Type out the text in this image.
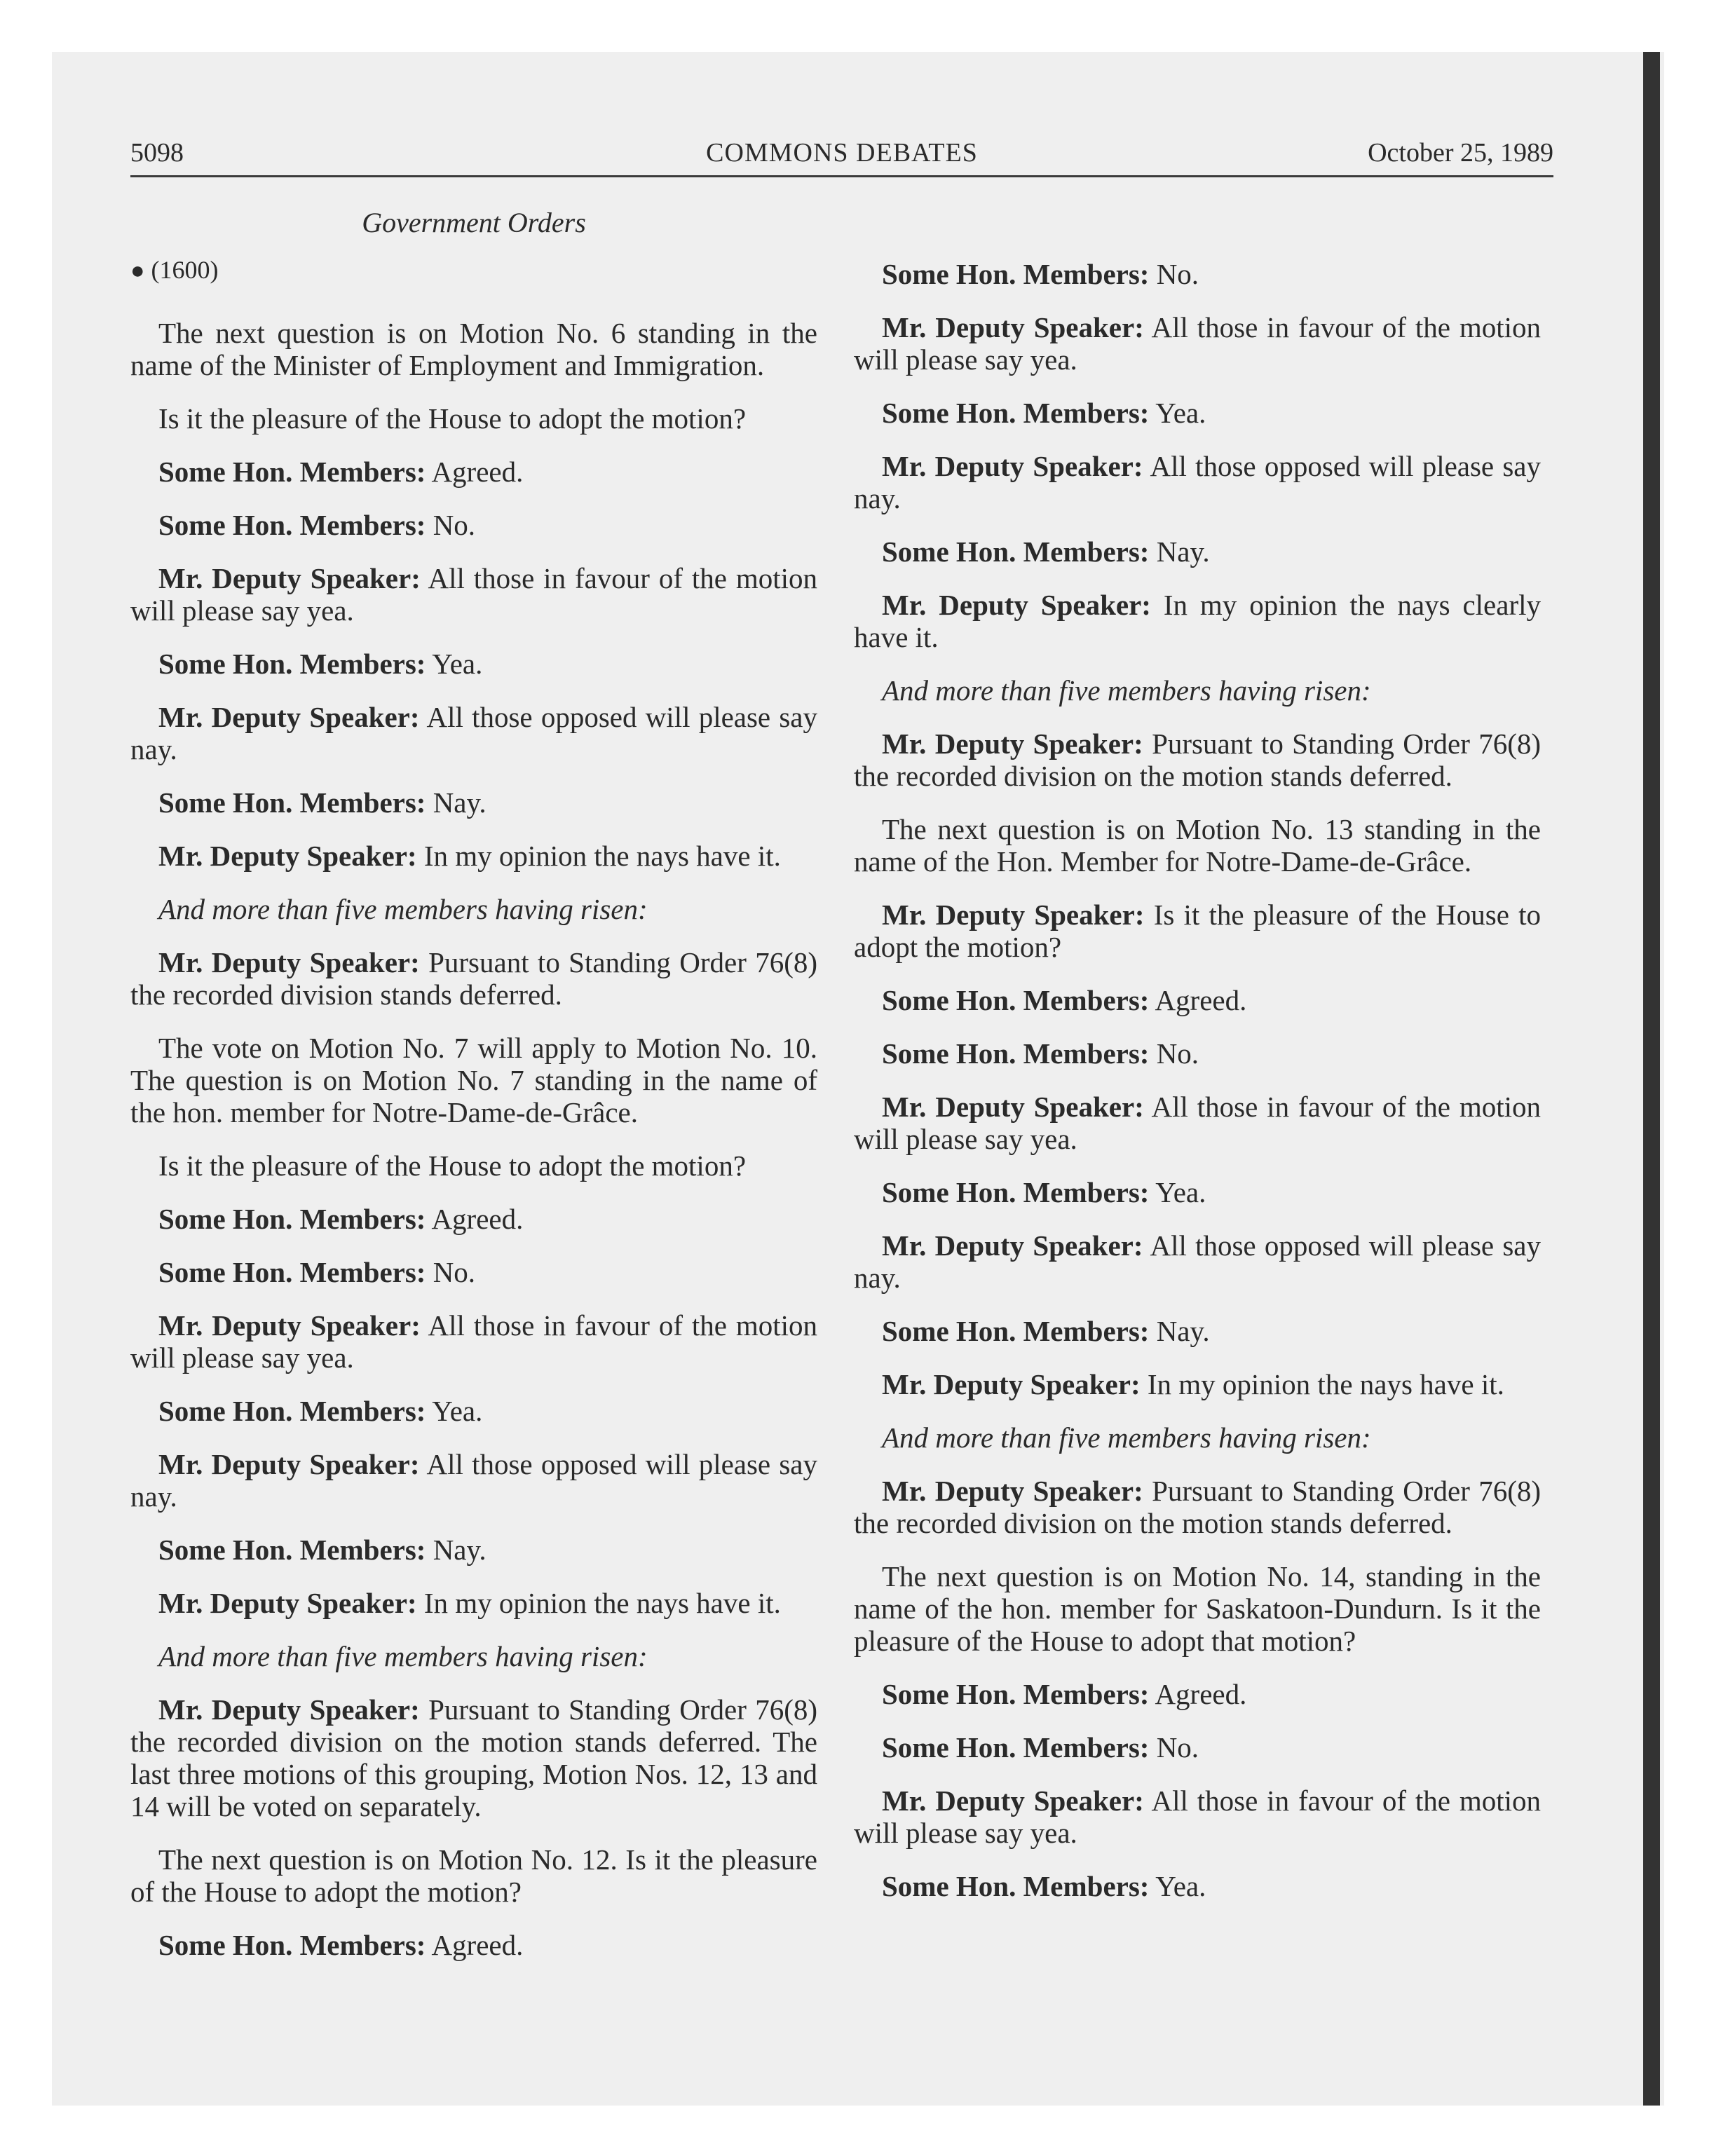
5098	COMMONS DEBATES	October 25, 1989
Government Orders
● (1600)
The next question is on Motion No. 6 standing in the name of the Minister of Employment and Immigration.
Is it the pleasure of the House to adopt the motion?
Some Hon. Members: Agreed.
Some Hon. Members: No.
Mr. Deputy Speaker: All those in favour of the motion will please say yea.
Some Hon. Members: Yea.
Mr. Deputy Speaker: All those opposed will please say nay.
Some Hon. Members: Nay.
Mr. Deputy Speaker: In my opinion the nays have it.
And more than five members having risen:
Mr. Deputy Speaker: Pursuant to Standing Order 76(8) the recorded division stands deferred.
The vote on Motion No. 7 will apply to Motion No. 10. The question is on Motion No. 7 standing in the name of the hon. member for Notre-Dame-de-Grâce.
Is it the pleasure of the House to adopt the motion?
Some Hon. Members: Agreed.
Some Hon. Members: No.
Mr. Deputy Speaker: All those in favour of the motion will please say yea.
Some Hon. Members: Yea.
Mr. Deputy Speaker: All those opposed will please say nay.
Some Hon. Members: Nay.
Mr. Deputy Speaker: In my opinion the nays have it.
And more than five members having risen:
Mr. Deputy Speaker: Pursuant to Standing Order 76(8) the recorded division on the motion stands deferred. The last three motions of this grouping, Motion Nos. 12, 13 and 14 will be voted on separately.
The next question is on Motion No. 12. Is it the pleasure of the House to adopt the motion?
Some Hon. Members: Agreed.
Some Hon. Members: No.
Mr. Deputy Speaker: All those in favour of the motion will please say yea.
Some Hon. Members: Yea.
Mr. Deputy Speaker: All those opposed will please say nay.
Some Hon. Members: Nay.
Mr. Deputy Speaker: In my opinion the nays clearly have it.
And more than five members having risen:
Mr. Deputy Speaker: Pursuant to Standing Order 76(8) the recorded division on the motion stands deferred.
The next question is on Motion No. 13 standing in the name of the Hon. Member for Notre-Dame-de-Grâce.
Mr. Deputy Speaker: Is it the pleasure of the House to adopt the motion?
Some Hon. Members: Agreed.
Some Hon. Members: No.
Mr. Deputy Speaker: All those in favour of the motion will please say yea.
Some Hon. Members: Yea.
Mr. Deputy Speaker: All those opposed will please say nay.
Some Hon. Members: Nay.
Mr. Deputy Speaker: In my opinion the nays have it.
And more than five members having risen:
Mr. Deputy Speaker: Pursuant to Standing Order 76(8) the recorded division on the motion stands deferred.
The next question is on Motion No. 14, standing in the name of the hon. member for Saskatoon-Dundurn. Is it the pleasure of the House to adopt that motion?
Some Hon. Members: Agreed.
Some Hon. Members: No.
Mr. Deputy Speaker: All those in favour of the motion will please say yea.
Some Hon. Members: Yea.
